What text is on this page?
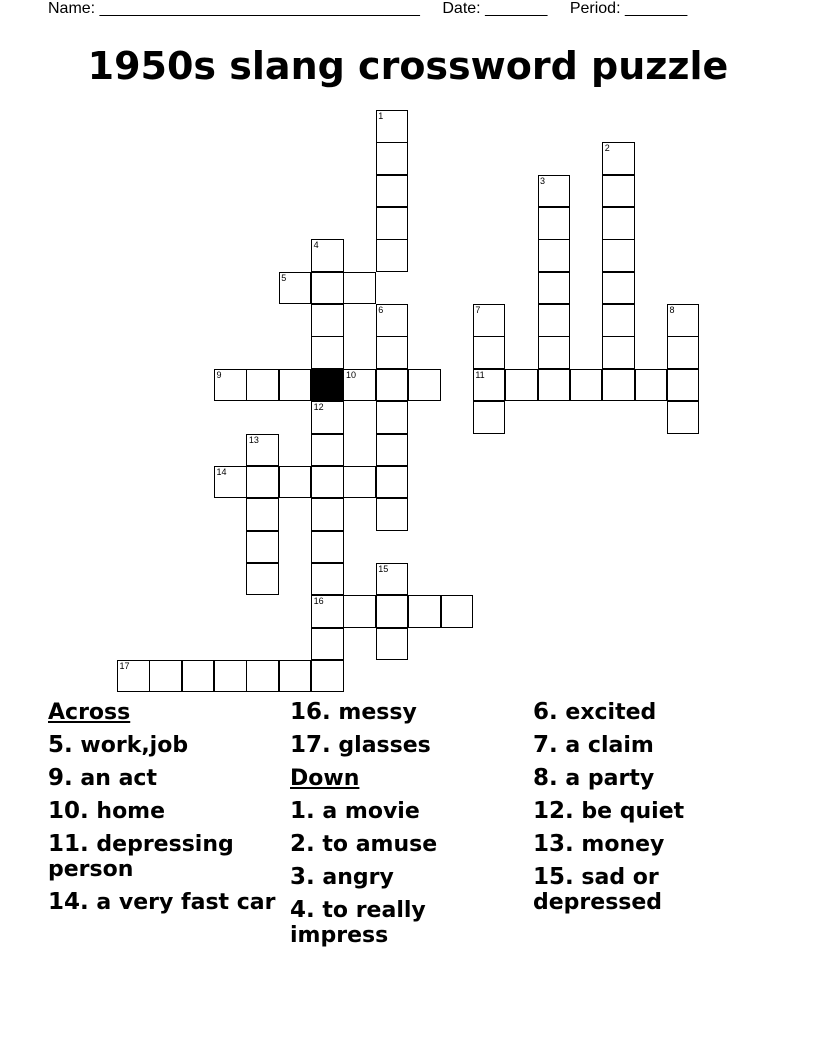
Name: ____________________________________ Date: _______ Period: _______
1950s slang crossword puzzle
1
2
3
4
5
6	7
11
8
9	10
12
16
13
14
15
17
Across
5. work,job
9. an act
10. home
11. depressing person
14. a very fast car
16. messy
17. glasses
Down
1. a movie
2. to amuse
3. angry
4. to really impress
6. excited
7. a claim
8. a party
12. be quiet
13. money
15. sad or depressed
